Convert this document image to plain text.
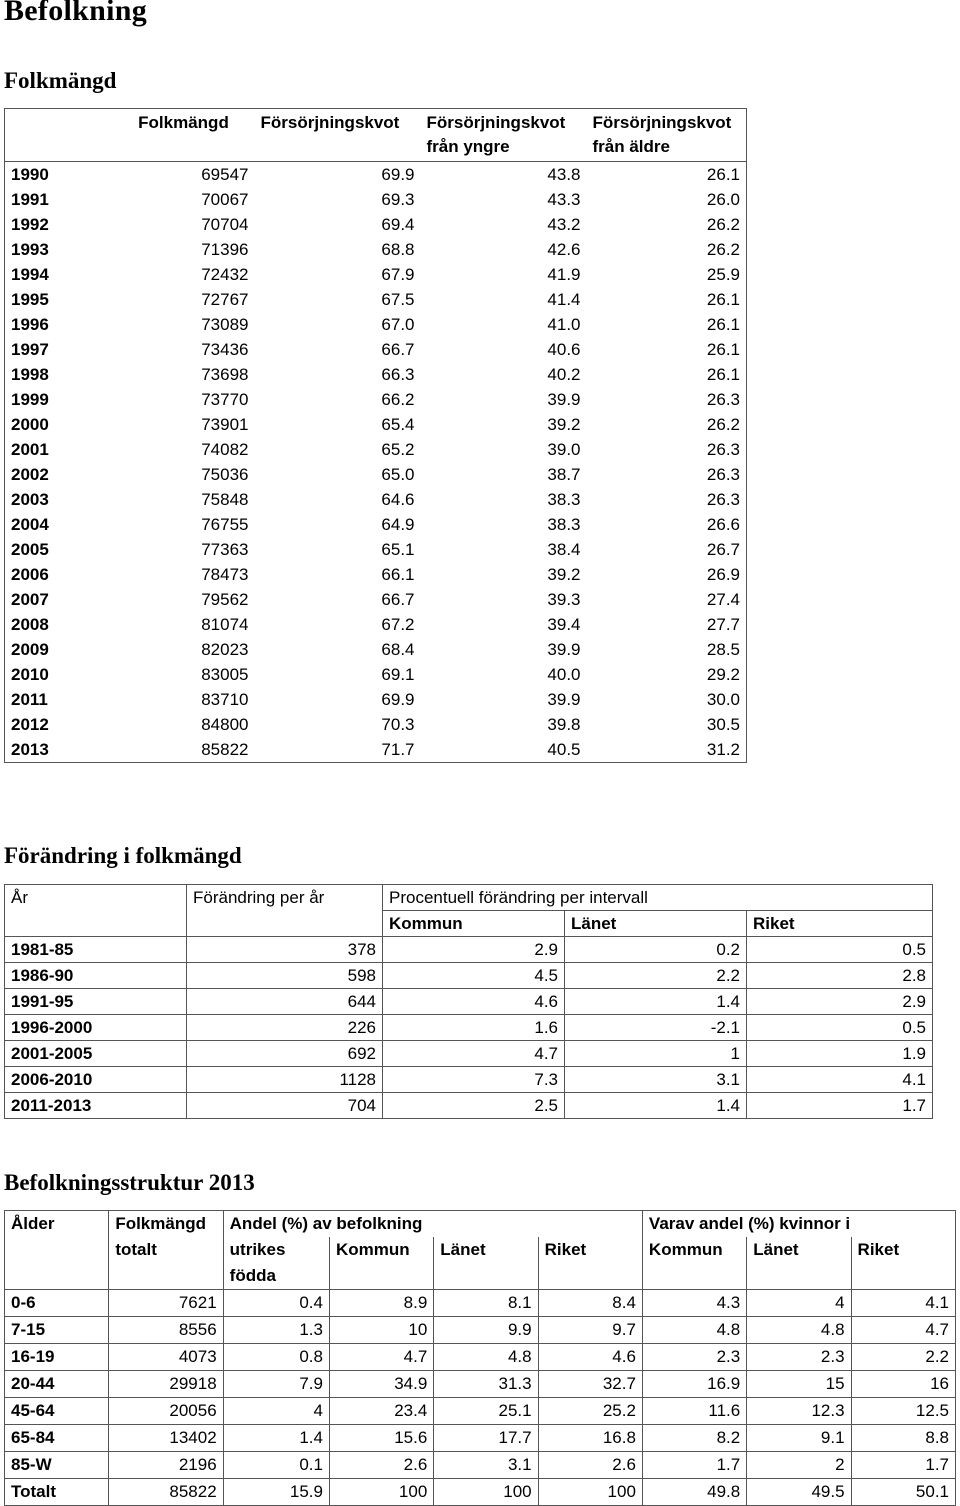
Befolkning
Folkmängd
	Folkmängd	Försörjningskvot	Försörjningskvot från yngre	Försörjningskvot från äldre
1990	69547	69.9	43.8	26.1
1991	70067	69.3	43.3	26.0
1992	70704	69.4	43.2	26.2
1993	71396	68.8	42.6	26.2
1994	72432	67.9	41.9	25.9
1995	72767	67.5	41.4	26.1
1996	73089	67.0	41.0	26.1
1997	73436	66.7	40.6	26.1
1998	73698	66.3	40.2	26.1
1999	73770	66.2	39.9	26.3
2000	73901	65.4	39.2	26.2
2001	74082	65.2	39.0	26.3
2002	75036	65.0	38.7	26.3
2003	75848	64.6	38.3	26.3
2004	76755	64.9	38.3	26.6
2005	77363	65.1	38.4	26.7
2006	78473	66.1	39.2	26.9
2007	79562	66.7	39.3	27.4
2008	81074	67.2	39.4	27.7
2009	82023	68.4	39.9	28.5
2010	83005	69.1	40.0	29.2
2011	83710	69.9	39.9	30.0
2012	84800	70.3	39.8	30.5
2013	85822	71.7	40.5	31.2
Förändring i folkmängd
År	Förändring per år	Procentuell förändring per intervall		
		Kommun	Länet	Riket
1981-85	378	2.9	0.2	0.5
1986-90	598	4.5	2.2	2.8
1991-95	644	4.6	1.4	2.9
1996-2000	226	1.6	-2.1	0.5
2001-2005	692	4.7	1	1.9
2006-2010	1128	7.3	3.1	4.1
2011-2013	704	2.5	1.4	1.7
Befolkningsstruktur 2013
Ålder	Folkmängd	Andel (%) av befolkning				Varav andel (%) kvinnor i		
	totalt	utrikes	Kommun	Länet	Riket	Kommun	Länet	Riket
		födda						
0-6	7621	0.4	8.9	8.1	8.4	4.3	4	4.1
7-15	8556	1.3	10	9.9	9.7	4.8	4.8	4.7
16-19	4073	0.8	4.7	4.8	4.6	2.3	2.3	2.2
20-44	29918	7.9	34.9	31.3	32.7	16.9	15	16
45-64	20056	4	23.4	25.1	25.2	11.6	12.3	12.5
65-84	13402	1.4	15.6	17.7	16.8	8.2	9.1	8.8
85-W	2196	0.1	2.6	3.1	2.6	1.7	2	1.7
Totalt	85822	15.9	100	100	100	49.8	49.5	50.1
